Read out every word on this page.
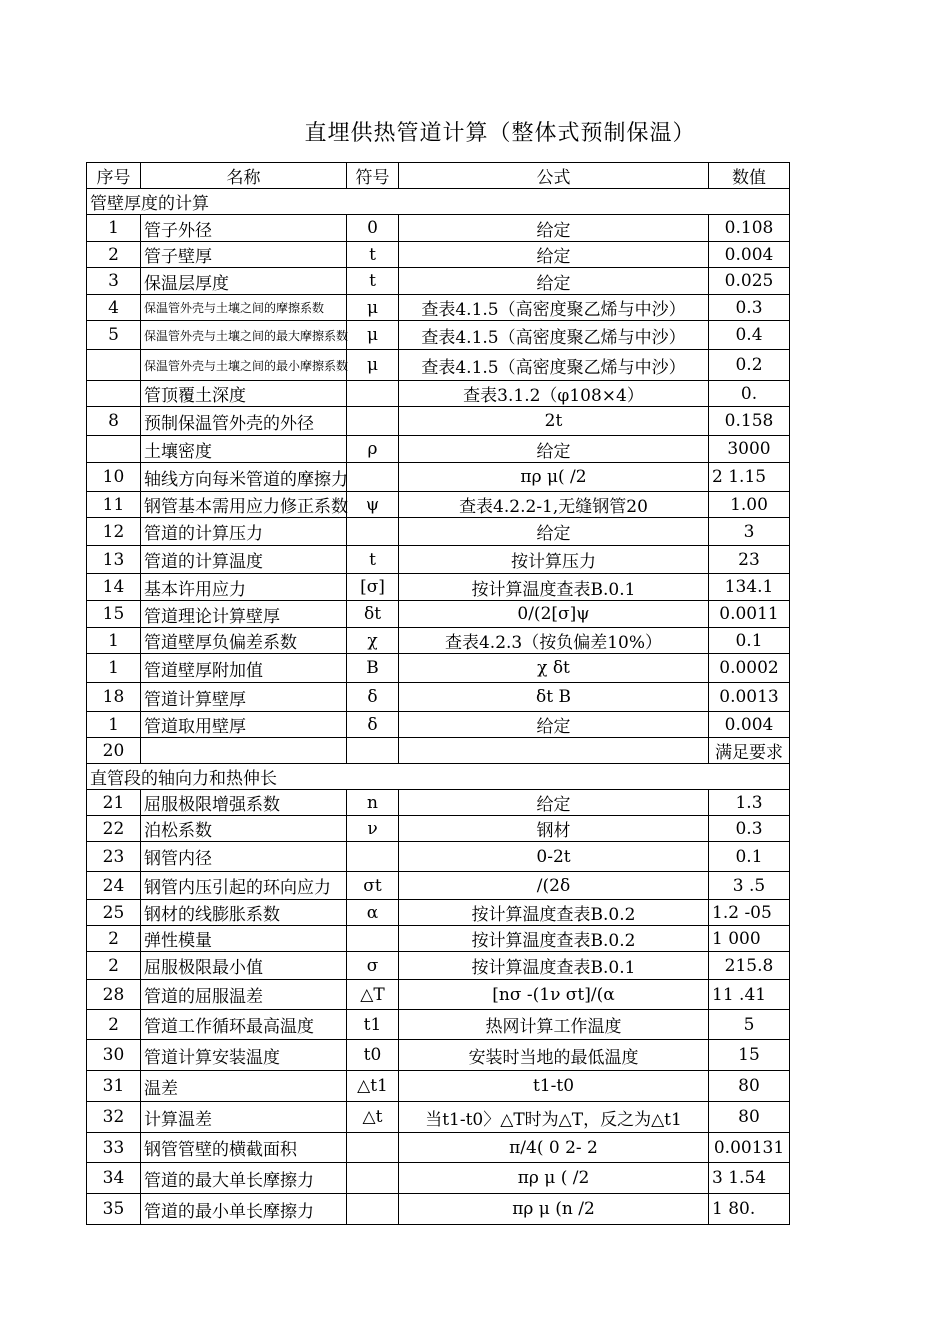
直埋供热管道计算（整体式预制保温）
序号	名称	符号	公式	数值
管壁厚度的计算				
1	管子外径	0	给定	0.108
2	管子壁厚	t	给定	0.004
3	保温层厚度	t	给定	0.025
4	保温管外壳与土壤之间的摩擦系数	μ	查表4.1.5（高密度聚乙烯与中沙）	0.3
5	保温管外壳与土壤之间的最大摩擦系数	μ	查表4.1.5（高密度聚乙烯与中沙）	0.4
	保温管外壳与土壤之间的最小摩擦系数	μ	查表4.1.5（高密度聚乙烯与中沙）	0.2
	管顶覆土深度		查表3.1.2（φ108×4）	0.
8	预制保温管外壳的外径		2t	0.158
	土壤密度	ρ	给定	3000
10	轴线方向每米管道的摩擦力		πρ μ( /2	2 1.15
11	钢管基本需用应力修正系数	ψ	查表4.2.2-1,无缝钢管20	1.00
12	管道的计算压力		给定	3
13	管道的计算温度	t	按计算压力	23
14	基本许用应力	[σ]	按计算温度查表B.0.1	134.1
15	管道理论计算壁厚	δt	0/(2[σ]ψ	0.0011
1	管道壁厚负偏差系数	χ	查表4.2.3（按负偏差10%）	0.1
1	管道壁厚附加值	B	χ δt	0.0002
18	管道计算壁厚	δ	δt B	0.0013
1	管道取用壁厚	δ	给定	0.004
20				满足要求
直管段的轴向力和热伸长				
21	屈服极限增强系数	n	给定	1.3
22	泊松系数	ν	钢材	0.3
23	钢管内径		0-2t	0.1
24	钢管内压引起的环向应力	σt	/(2δ	3 .5
25	钢材的线膨胀系数	α	按计算温度查表B.0.2	1.2 -05
2	弹性模量		按计算温度查表B.0.2	1 000
2	屈服极限最小值	σ	按计算温度查表B.0.1	215.8
28	管道的屈服温差	△T	[nσ -(1ν σt]/(α	11 .41
2	管道工作循环最高温度	t1	热网计算工作温度	5
30	管道计算安装温度	t0	安装时当地的最低温度	15
31	温差	△t1	t1-t0	80
32	计算温差	△t	当t1-t0〉△T时为△T，反之为△t1	80
33	钢管管壁的横截面积		π/4( 0 2- 2	0.00131
34	管道的最大单长摩擦力		πρ μ ( /2	3 1.54
35	管道的最小单长摩擦力		πρ μ (n /2	1 80.
